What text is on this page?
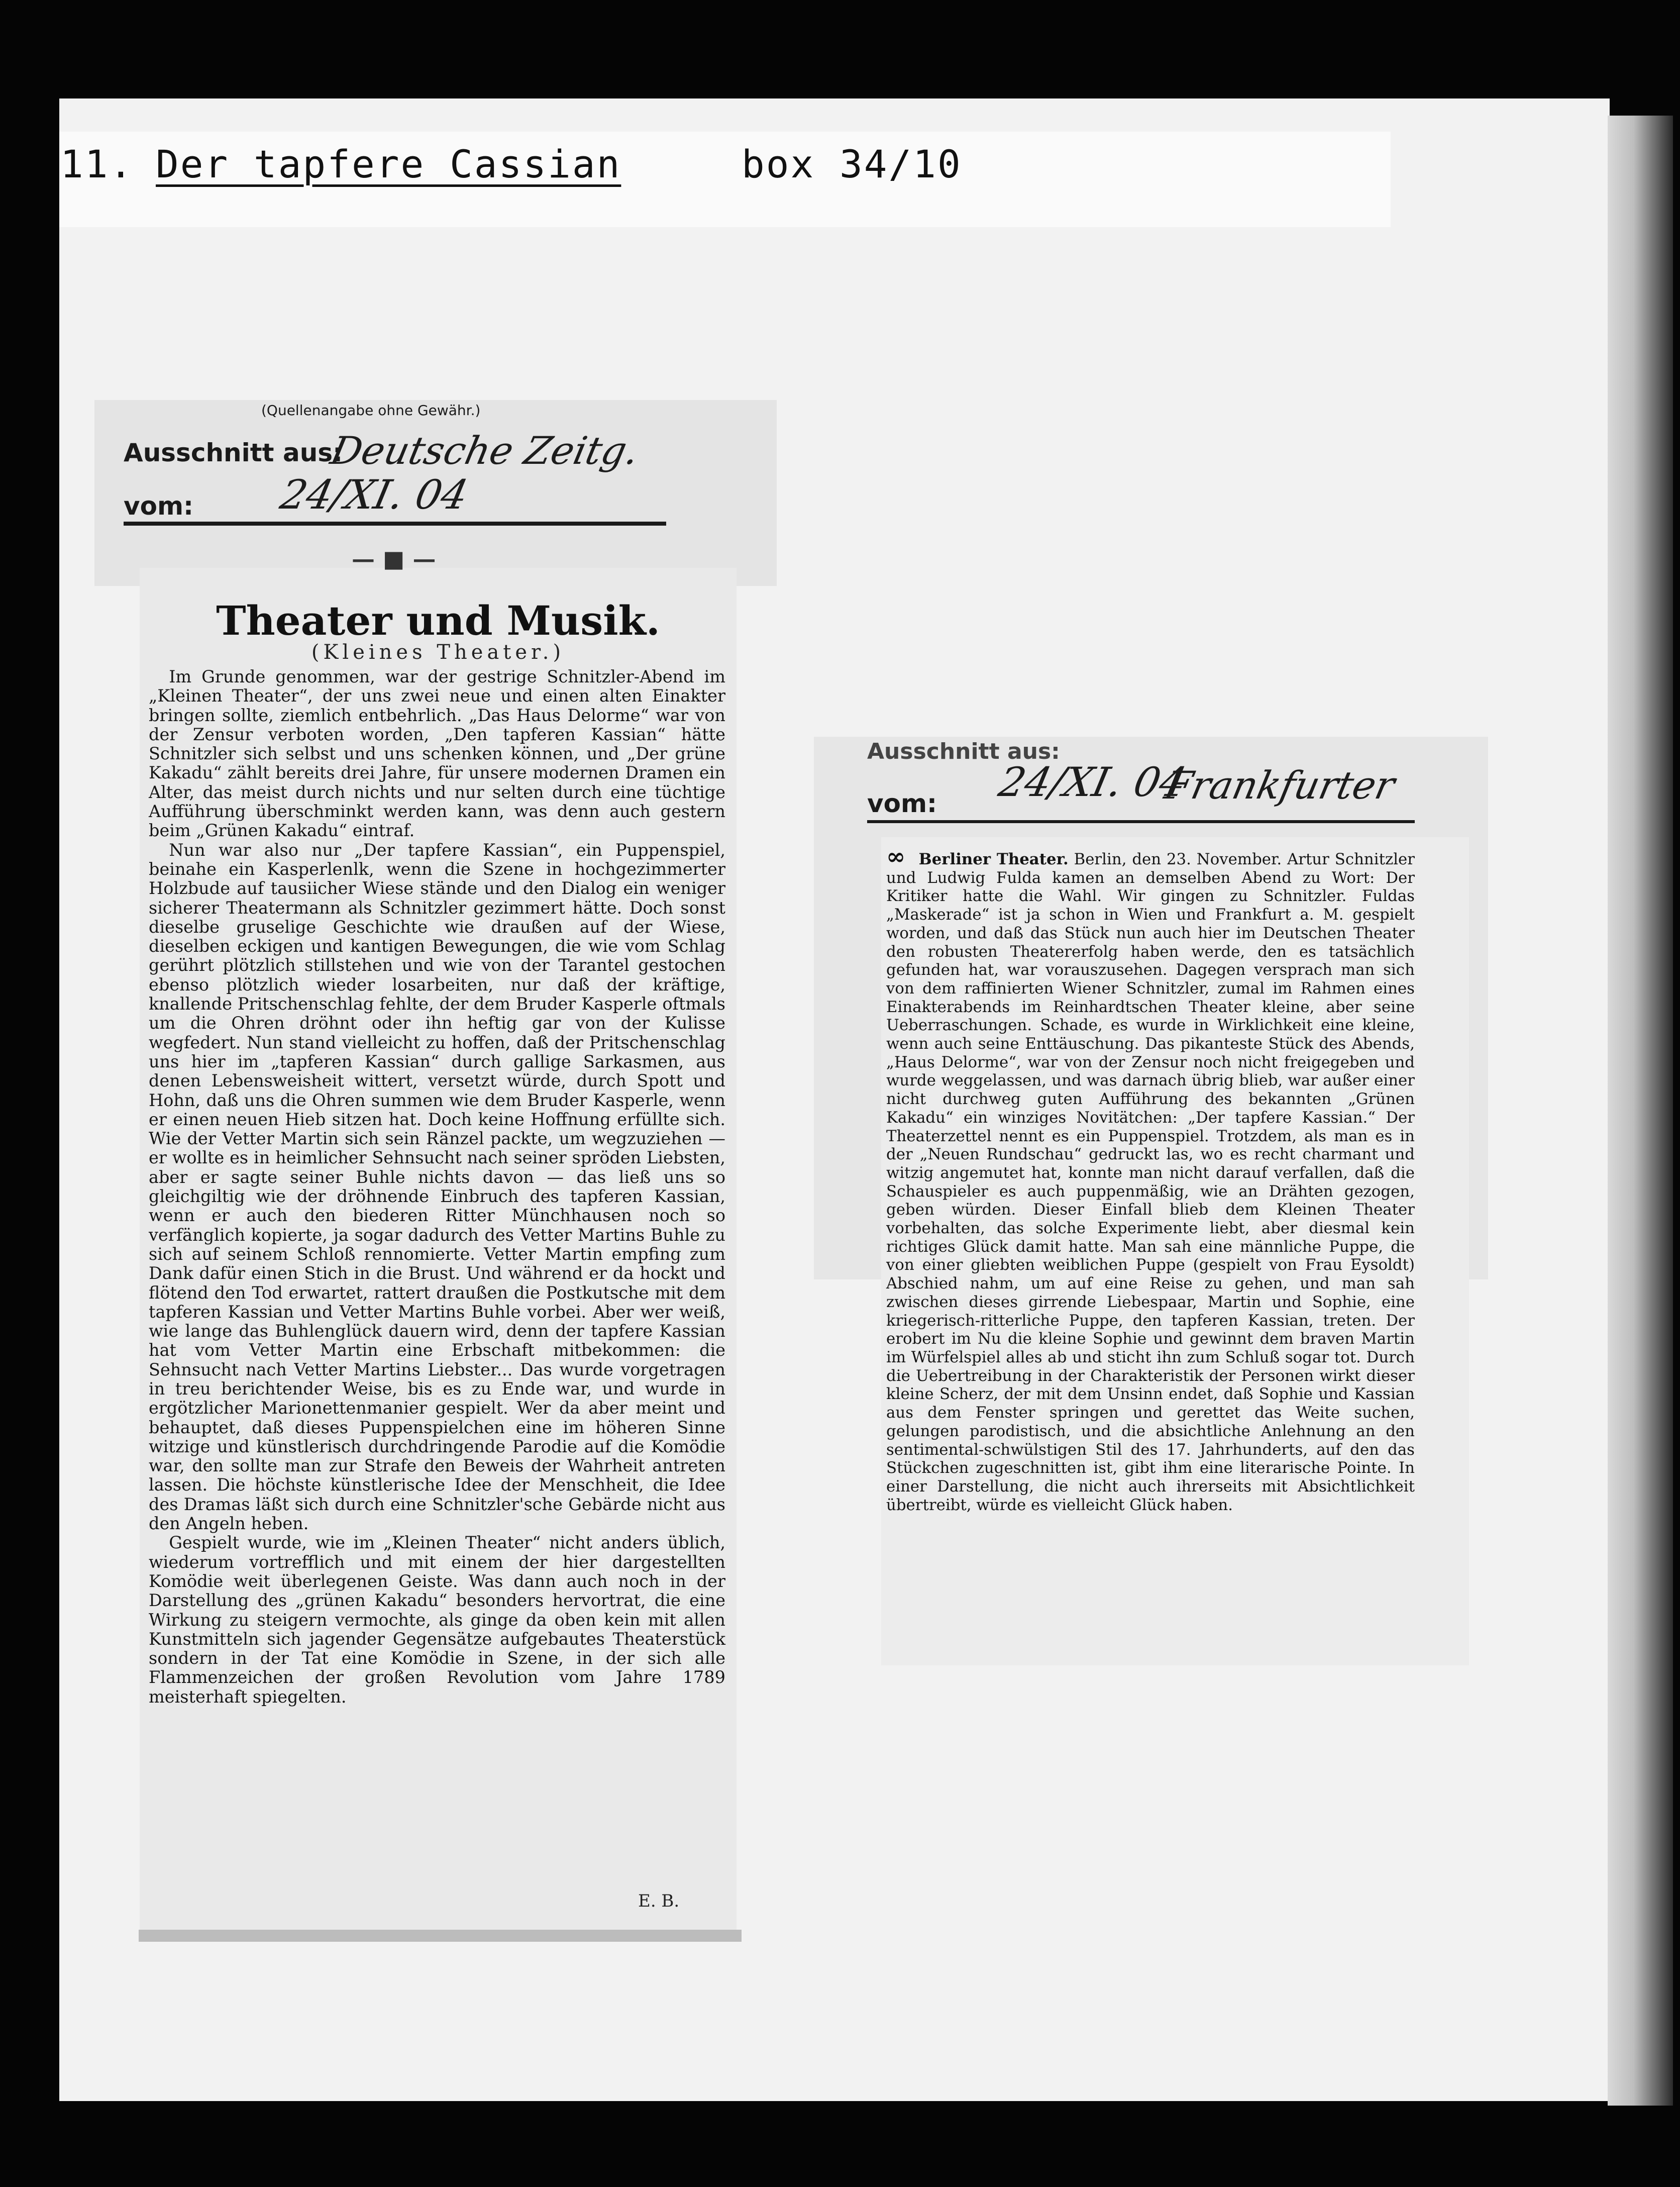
11. Der tapfere Cassian	box 34/10
(Quellenangabe ohne Gewähr.)
Ausschnitt aus:
Deutsche Zeitg.
vom: 24/XI. 04
— ■ —
Theater und Musik.
(Kleines Theater.)

Im Grunde genommen, war der gestrige Schnitzler-Abend im „Kleinen Theater“, der uns zwei neue und einen alten Einakter bringen sollte, ziemlich entbehrlich. „Das Haus Delorme“ war von der Zensur verboten worden, „Den tapferen Kassian“ hätte Schnitzler sich selbst und uns schenken können, und „Der grüne Kakadu“ zählt bereits drei Jahre, für unsere modernen Dramen ein Alter, das meist durch nichts und nur selten durch eine tüchtige Aufführung überschminkt werden kann, was denn auch gestern beim „Grünen Kakadu“ eintraf.

Nun war also nur „Der tapfere Kassian“, ein Puppenspiel, beinahe ein Kasperlenlk, wenn die Szene in hochgezimmerter Holzbude auf tausiicher Wiese stände und den Dialog ein weniger sicherer Theatermann als Schnitzler gezimmert hätte. Doch sonst dieselbe gruselige Geschichte wie draußen auf der Wiese, dieselben eckigen und kantigen Bewegungen, die wie vom Schlag gerührt plötzlich stillstehen und wie von der Tarantel gestochen ebenso plötzlich wieder losarbeiten, nur daß der kräftige, knallende Pritschenschlag fehlte, der dem Bruder Kasperle oftmals um die Ohren dröhnt oder ihn heftig gar von der Kulisse wegfedert. Nun stand vielleicht zu hoffen, daß der Pritschenschlag uns hier im „tapferen Kassian“ durch gallige Sarkasmen, aus denen Lebensweisheit wittert, versetzt würde, durch Spott und Hohn, daß uns die Ohren summen wie dem Bruder Kasperle, wenn er einen neuen Hieb sitzen hat. Doch keine Hoffnung erfüllte sich. Wie der Vetter Martin sich sein Ränzel packte, um wegzuziehen — er wollte es in heimlicher Sehnsucht nach seiner spröden Liebsten, aber er sagte seiner Buhle nichts davon — das ließ uns so gleichgiltig wie der dröhnende Einbruch des tapferen Kassian, wenn er auch den biederen Ritter Münchhausen noch so verfänglich kopierte, ja sogar dadurch des Vetter Martins Buhle zu sich auf seinem Schloß rennomierte. Vetter Martin empfing zum Dank dafür einen Stich in die Brust. Und während er da hockt und flötend den Tod erwartet, rattert draußen die Postkutsche mit dem tapferen Kassian und Vetter Martins Buhle vorbei. Aber wer weiß, wie lange das Buhlenglück dauern wird, denn der tapfere Kassian hat vom Vetter Martin eine Erbschaft mitbekommen: die Sehnsucht nach Vetter Martins Liebster... Das wurde vorgetragen in treu berichtender Weise, bis es zu Ende war, und wurde in ergötzlicher Marionettenmanier gespielt. Wer da aber meint und behauptet, daß dieses Puppenspielchen eine im höheren Sinne witzige und künstlerisch durchdringende Parodie auf die Komödie war, den sollte man zur Strafe den Beweis der Wahrheit antreten lassen. Die höchste künstlerische Idee der Menschheit, die Idee des Dramas läßt sich durch eine Schnitzler'sche Gebärde nicht aus den Angeln heben.

Gespielt wurde, wie im „Kleinen Theater“ nicht anders üblich, wiederum vortrefflich und mit einem der hier dargestellten Komödie weit überlegenen Geiste. Was dann auch noch in der Darstellung des „grünen Kakadu“ besonders hervortrat, die eine Wirkung zu steigern vermochte, als ginge da oben kein mit allen Kunstmitteln sich jagender Gegensätze aufgebautes Theaterstück sondern in der Tat eine Komödie in Szene, in der sich alle Flammenzeichen der großen Revolution vom Jahre 1789 meisterhaft spiegelten.

E. B.
Ausschnitt aus:
vom: 24/XI. 04
Frankfurter
∞ Berliner Theater. Berlin, den 23. November. Artur Schnitzler und Ludwig Fulda kamen an demselben Abend zu Wort: Der Kritiker hatte die Wahl. Wir gingen zu Schnitzler. Fuldas „Maskerade“ ist ja schon in Wien und Frankfurt a. M. gespielt worden, und daß das Stück nun auch hier im Deutschen Theater den robusten Theatererfolg haben werde, den es tatsächlich gefunden hat, war vorauszusehen. Dagegen versprach man sich von dem raffinierten Wiener Schnitzler, zumal im Rahmen eines Einakterabends im Reinhardtschen Theater kleine, aber seine Ueberraschungen. Schade, es wurde in Wirklichkeit eine kleine, wenn auch seine Enttäuschung. Das pikanteste Stück des Abends, „Haus Delorme“, war von der Zensur noch nicht freigegeben und wurde weggelassen, und was darnach übrig blieb, war außer einer nicht durchweg guten Aufführung des bekannten „Grünen Kakadu“ ein winziges Novitätchen: „Der tapfere Kassian.“ Der Theaterzettel nennt es ein Puppenspiel. Trotzdem, als man es in der „Neuen Rundschau“ gedruckt las, wo es recht charmant und witzig angemutet hat, konnte man nicht darauf verfallen, daß die Schauspieler es auch puppenmäßig, wie an Drähten gezogen, geben würden. Dieser Einfall blieb dem Kleinen Theater vorbehalten, das solche Experimente liebt, aber diesmal kein richtiges Glück damit hatte. Man sah eine männliche Puppe, die von einer gliebten weiblichen Puppe (gespielt von Frau Eysoldt) Abschied nahm, um auf eine Reise zu gehen, und man sah zwischen dieses girrende Liebespaar, Martin und Sophie, eine kriegerisch-ritterliche Puppe, den tapferen Kassian, treten. Der erobert im Nu die kleine Sophie und gewinnt dem braven Martin im Würfelspiel alles ab und sticht ihn zum Schluß sogar tot. Durch die Uebertreibung in der Charakteristik der Personen wirkt dieser kleine Scherz, der mit dem Unsinn endet, daß Sophie und Kassian aus dem Fenster springen und gerettet das Weite suchen, gelungen parodistisch, und die absichtliche Anlehnung an den sentimental-schwülstigen Stil des 17. Jahrhunderts, auf den das Stückchen zugeschnitten ist, gibt ihm eine literarische Pointe. In einer Darstellung, die nicht auch ihrerseits mit Absichtlichkeit übertreibt, würde es vielleicht Glück haben.
